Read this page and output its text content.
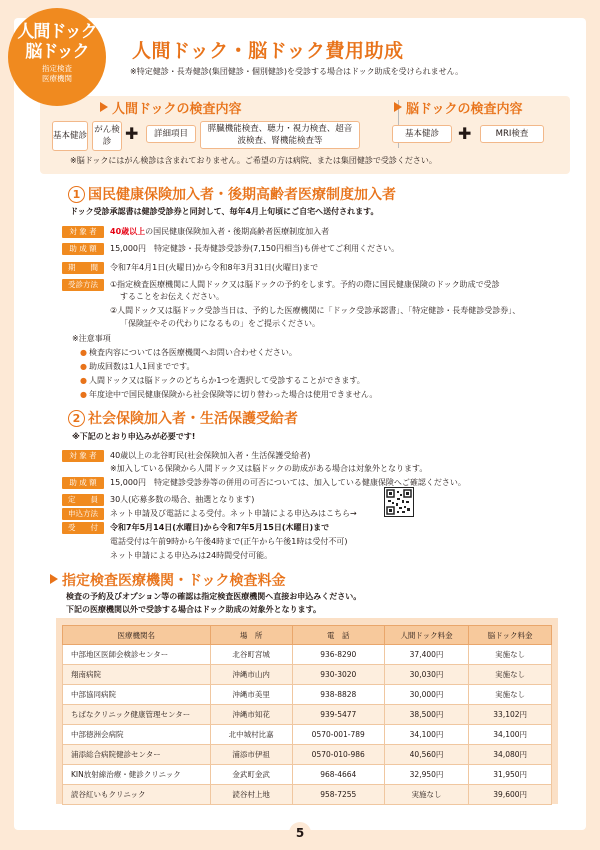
人間ドック
脳ドック
指定検査
医療機関
人間ドック・脳ドック費用助成
※特定健診・長寿健診(集団健診・個別健診)を受診する場合はドック助成を受けられません。
人間ドックの検査内容
基本健診
がん検診 ✚	詳細項目	膵臓機能検査、聴力・視力検査、超音波検査、腎機能検査等
脳ドックの検査内容
基本健診	✚	MRI検査
※脳ドックにはがん検診は含まれておりません。ご希望の方は病院、または集団健診で受診ください。
1 国民健康保険加入者・後期高齢者医療制度加入者
ドック受診承認書は健診受診券と同封して、毎年4月上旬頃にご自宅へ送付されます。
対 象 者	40歳以上の国民健康保険加入者・後期高齢者医療制度加入者
助 成 額	15,000円　特定健診・長寿健診受診券(7,150円相当)も併せてご利用ください。
期　　間	令和7年4月1日(火曜日)から令和8年3月31日(火曜日)まで
受診方法	①指定検査医療機関に人間ドック又は脳ドックの予約をします。予約の際に国民健康保険のドック助成で受診
することをお伝えください。
②人間ドック又は脳ドック受診当日は、予約した医療機関に「ドック受診承認書」、「特定健診・長寿健診受診券」、
「保険証やその代わりになるもの」をご提示ください。
※注意事項
● 検査内容については各医療機関へお問い合わせください。
● 助成回数は1人1回までです。
● 人間ドック又は脳ドックのどちらか1つを選択して受診することができます。
● 年度途中で国民健康保険から社会保険等に切り替わった場合は使用できません。
2 社会保険加入者・生活保護受給者
※下記のとおり申込みが必要です!
対 象 者	40歳以上の北谷町民(社会保険加入者・生活保護受給者)
※加入している保険から人間ドック又は脳ドックの助成がある場合は対象外となります。
助 成 額	15,000円　特定健診受診券等の併用の可否については、加入している健康保険へご確認ください。
定　　員	30人(応募多数の場合、抽選となります)
申込方法	ネット申請及び電話による受付。ネット申請による申込みはこちら→
受　　付	令和7年5月14日(水曜日)から令和7年5月15日(木曜日)まで
電話受付は午前9時から午後4時まで(正午から午後1時は受付不可)
ネット申請による申込みは24時間受付可能。
指定検査医療機関・ドック検査料金
検査の予約及びオプション等の確認は指定検査医療機関へ直接お申込みください。
下記の医療機関以外で受診する場合はドック助成の対象外となります。
医療機関名	場　所	電　話	人間ドック料金	脳ドック料金
中部地区医師会検診センター	北谷町宮城	936-8290	37,400円	実施なし
翔南病院	沖縄市山内	930-3020	30,030円	実施なし
中部協同病院	沖縄市美里	938-8828	30,000円	実施なし
ちばなクリニック健康管理センター	沖縄市知花	939-5477	38,500円	33,102円
中部徳洲会病院	北中城村比嘉	0570-001-789	34,100円	34,100円
浦添総合病院健診センター	浦添市伊祖	0570-010-986	40,560円	34,080円
KIN放射線治療・健診クリニック	金武町金武	968-4664	32,950円	31,950円
読谷紅いもクリニック	読谷村上地	958-7255	実施なし	39,600円
5
